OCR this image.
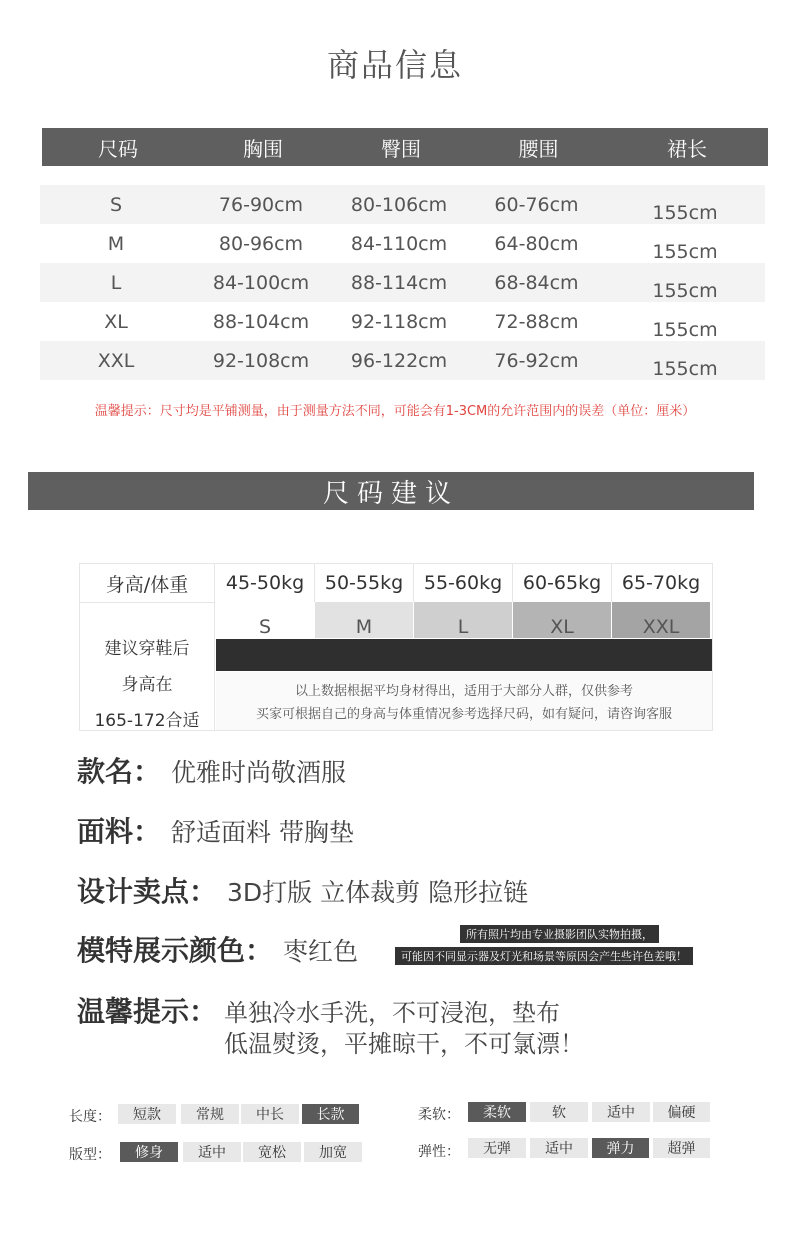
商品信息
尺码	胸围	臀围	腰围	裙长
S	76-90cm	80-106cm	60-76cm	155cm
M	80-96cm	84-110cm	64-80cm	155cm
L	84-100cm	88-114cm	68-84cm	155cm
XL	88-104cm	92-118cm	72-88cm	155cm
XXL	92-108cm	96-122cm	76-92cm	155cm
温馨提示：尺寸均是平铺测量，由于测量方法不同，可能会有1-3CM的允许范围内的误差（单位：厘米）
尺码建议
身高/体重	45-50kg	50-55kg	55-60kg	60-65kg	65-70kg
S	M	L	XL	XXL
建议穿鞋后
身高在
165-172合适
以上数据根据平均身材得出，适用于大部分人群，仅供参考
买家可根据自己的身高与体重情况参考选择尺码，如有疑问，请咨询客服
款名： 优雅时尚敬酒服
面料： 舒适面料 带胸垫
设计卖点： 3D打版 立体裁剪 隐形拉链
模特展示颜色： 枣红色
所有照片均由专业摄影团队实物拍摄，
可能因不同显示器及灯光和场景等原因会产生些许色差哦！
温馨提示： 单独冷水手洗，不可浸泡，垫布
低温熨烫，平摊晾干，不可氯漂！
长度：	短款	常规	中长	长款
版型：	修身	适中	宽松	加宽
柔软：	柔软	软	适中	偏硬
弹性：	无弹	适中	弹力	超弹
